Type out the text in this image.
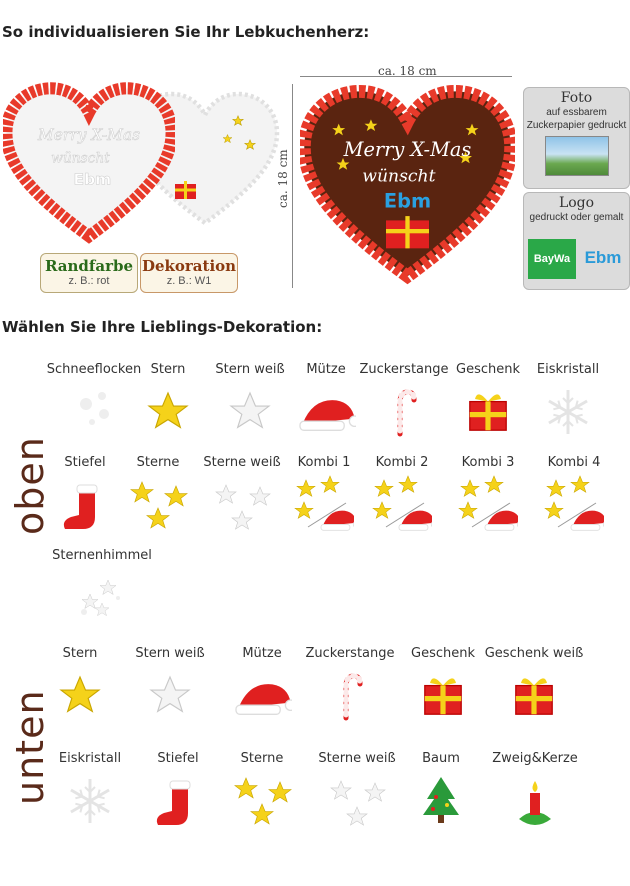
So individualisieren Sie Ihr Lebkuchenherz:
Merry X-Mas
wünscht
Ebm
Randfarbe
z. B.: rot
Dekoration
z. B.: W1
ca. 18 cm
ca. 18 cm	Merry X-Mas
wünscht
Ebm
Foto
auf essbarem
Zuckerpapier gedruckt
Logo
gedruckt oder gemalt
BayWa Ebm
Wählen Sie Ihre Lieblings-Dekoration:
oben
unten
Schneeflocken Stern Stern weiß Mütze Zuckerstange Geschenk Eiskristall
Stiefel Sterne Sterne weiß Kombi 1 Kombi 2	Kombi 3	Kombi 4
Sternenhimmel
Stern	Stern weiß	Mütze Zuckerstange Geschenk Geschenk weiß
Eiskristall	Stiefel	Sterne	Sterne weiß Baum Zweig&Kerze
